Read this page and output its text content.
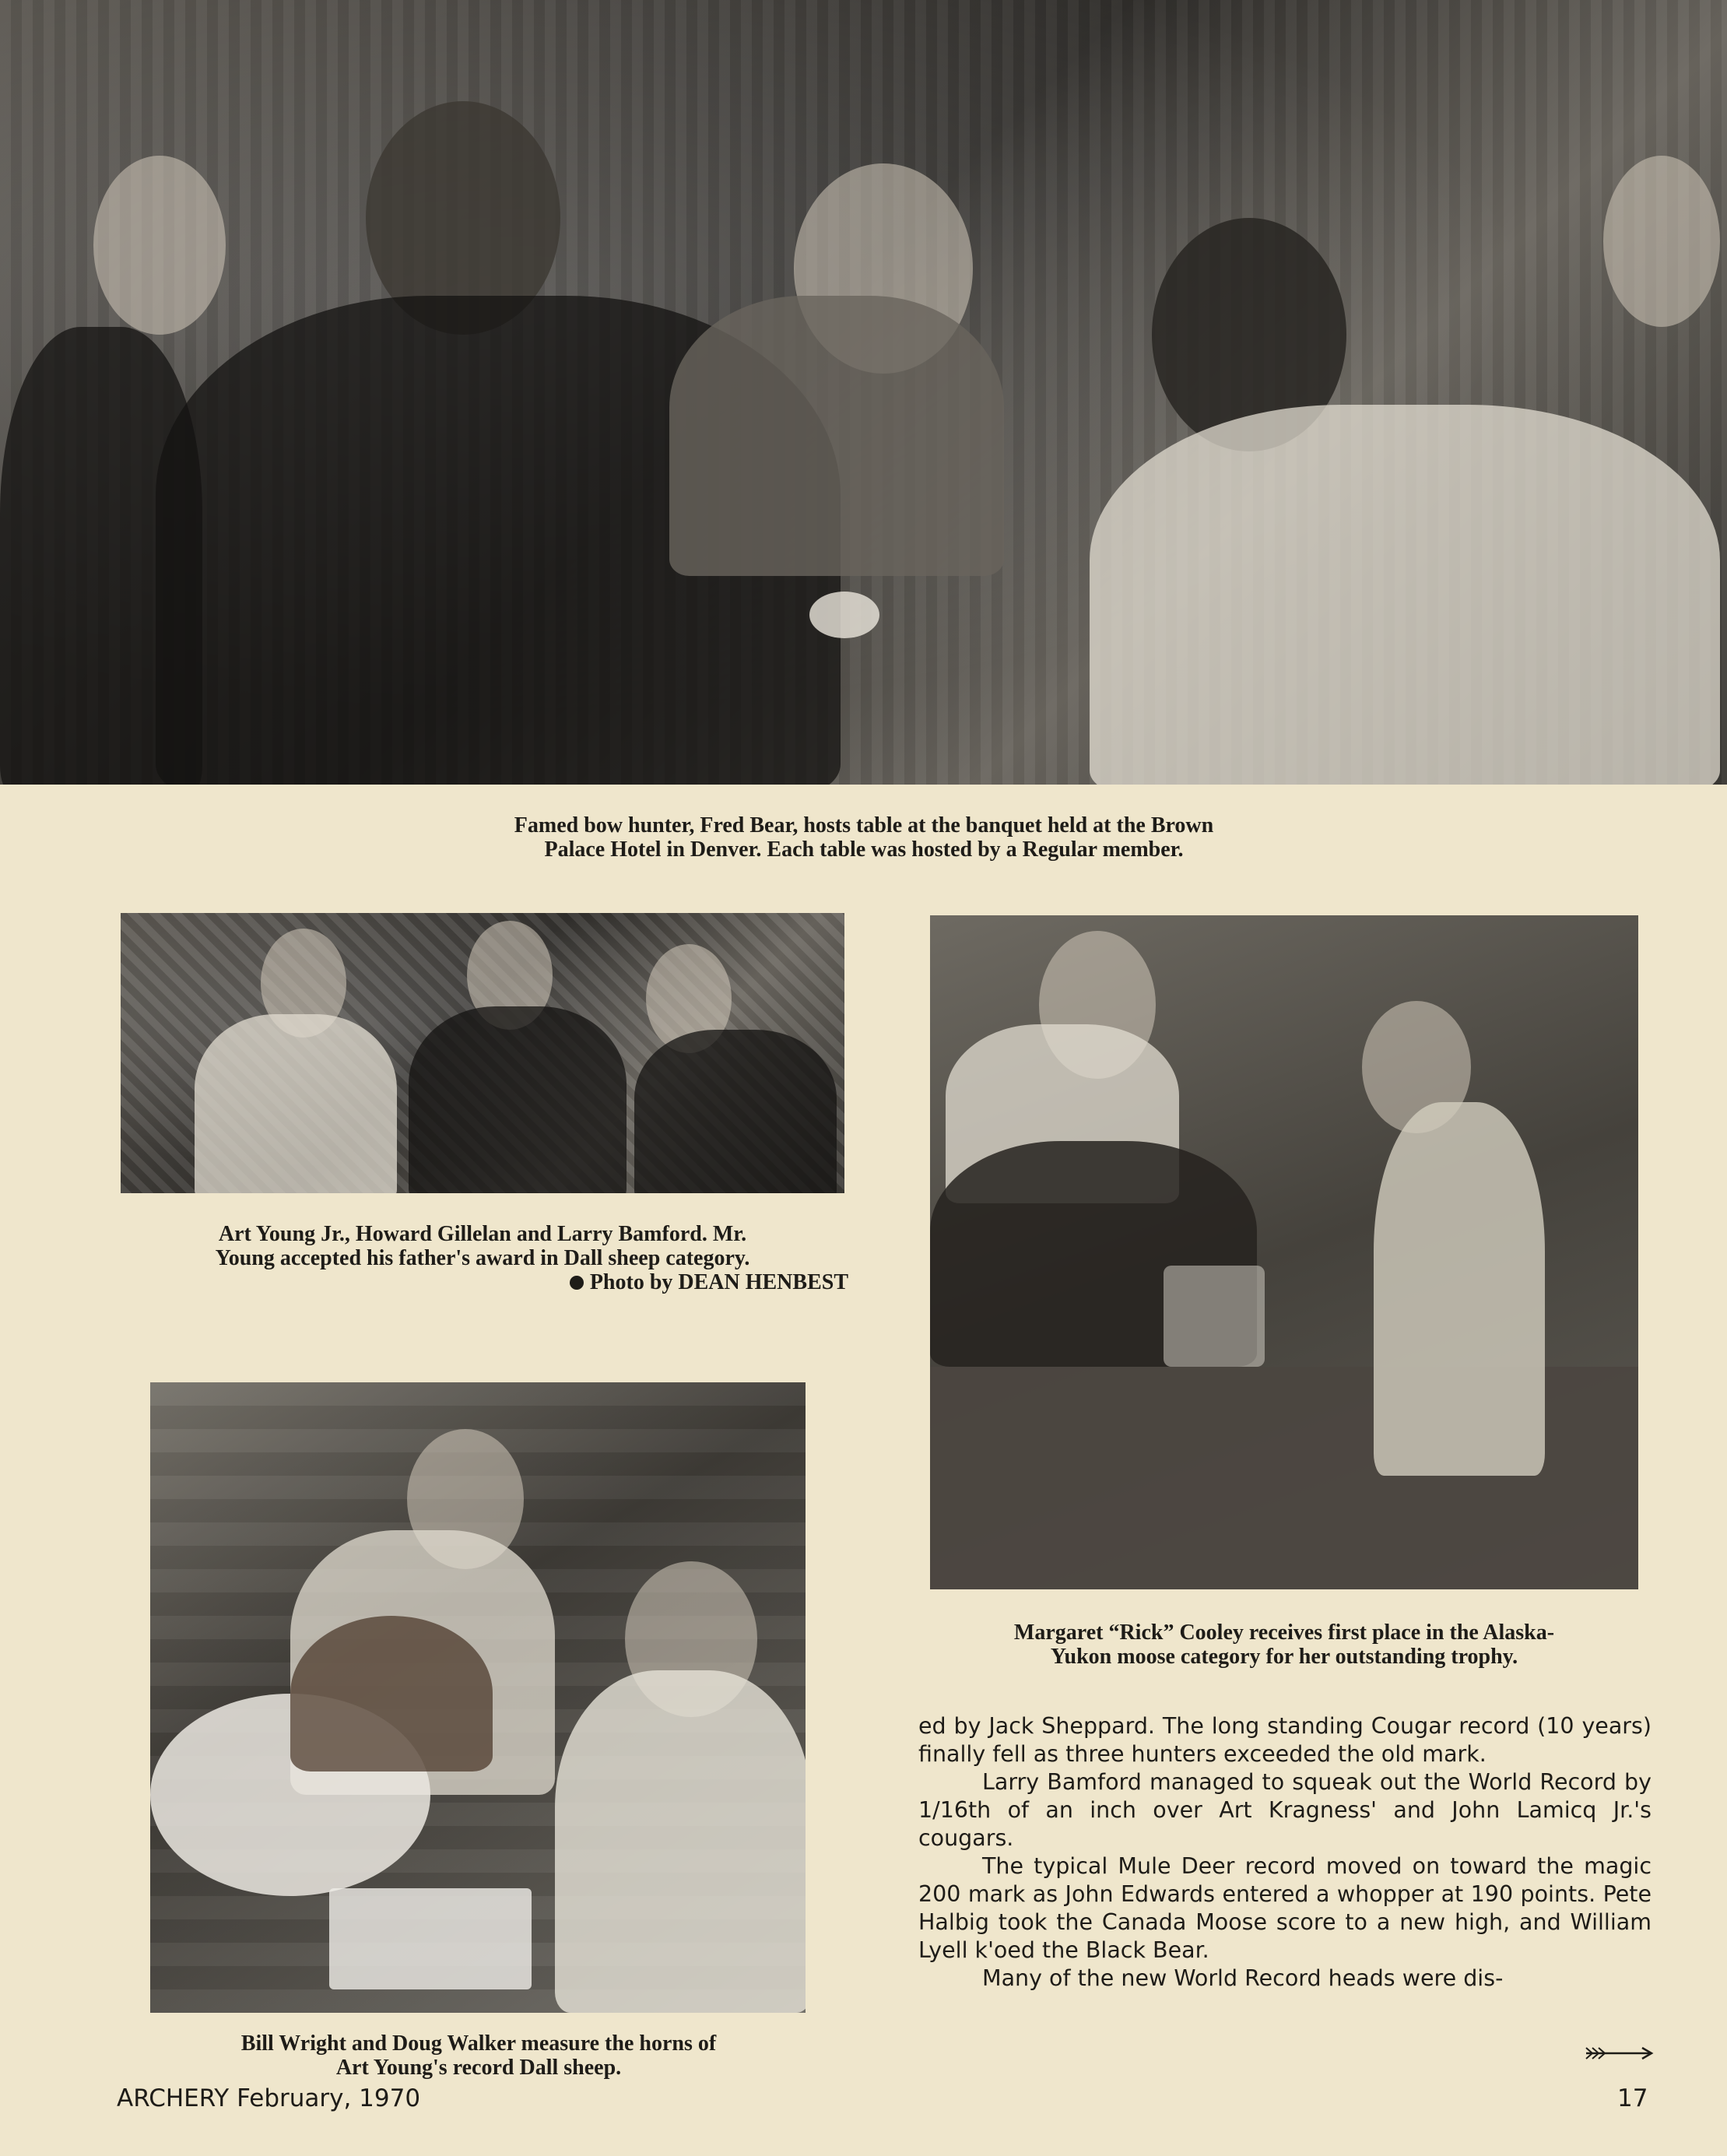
Famed bow hunter, Fred Bear, hosts table at the banquet held at the Brown
Palace Hotel in Denver. Each table was hosted by a Regular member.
Art Young Jr., Howard Gillelan and Larry Bamford. Mr.
Young accepted his father's award in Dall sheep category.
Photo by DEAN HENBEST
Margaret “Rick” Cooley receives first place in the Alaska-
Yukon moose category for her outstanding trophy.
Bill Wright and Doug Walker measure the horns of
Art Young's record Dall sheep.

ed by Jack Sheppard. The long standing Cougar record (10 years) finally fell as three hunters exceeded the old mark.

Larry Bamford managed to squeak out the World Record by 1/16th of an inch over Art Kragness' and John Lamicq Jr.'s cougars.

The typical Mule Deer record moved on toward the magic 200 mark as John Edwards entered a whopper at 190 points. Pete Halbig took the Canada Moose score to a new high, and William Lyell k'oed the Black Bear.

Many of the new World Record heads were dis-

ARCHERY February, 1970	17
